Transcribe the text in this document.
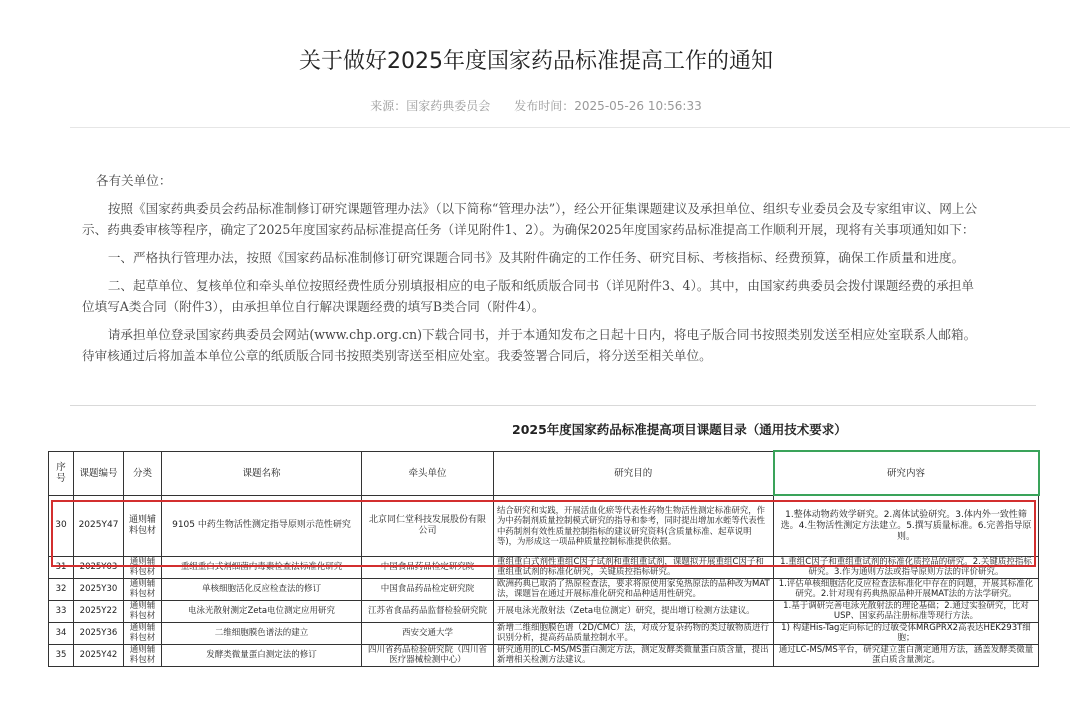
关于做好2025年度国家药品标准提高工作的通知
来源：国家药典委员会 发布时间：2025-05-26 10:56:33

各有关单位：

按照《国家药典委员会药品标准制修订研究课题管理办法》（以下简称“管理办法”），经公开征集课题建议及承担单位、组织专业委员会及专家组审议、网上公示、药典委审核等程序，确定了2025年度国家药品标准提高任务（详见附件1、2）。为确保2025年度国家药品标准提高工作顺利开展，现将有关事项通知如下：

一、严格执行管理办法，按照《国家药品标准制修订研究课题合同书》及其附件确定的工作任务、研究目标、考核指标、经费预算，确保工作质量和进度。

二、起草单位、复核单位和牵头单位按照经费性质分别填报相应的电子版和纸质版合同书（详见附件3、4）。其中，由国家药典委员会拨付课题经费的承担单位填写A类合同（附件3），由承担单位自行解决课题经费的填写B类合同（附件4）。

请承担单位登录国家药典委员会网站(www.chp.org.cn)下载合同书，并于本通知发布之日起十日内，将电子版合同书按照类别发送至相应处室联系人邮箱。待审核通过后将加盖本单位公章的纸质版合同书按照类别寄送至相应处室。我委签署合同后，将分送至相关单位。

2025年度国家药品标准提高项目课题目录（通用技术要求）
序号	课题编号	分类	课题名称	牵头单位	研究目的	研究内容
30	2025Y47	通则辅料包材	9105 中药生物活性测定指导原则示范性研究	北京同仁堂科技发展股份有限公司	结合研究和实践，开展活血化瘀等代表性药物生物活性测定标准研究，作为中药制剂质量控制模式研究的指导和参考，同时提出增加水蛭等代表性中药制剂有效性质量控制指标的建议研究资料(含质量标准、起草说明等)，为形成这一项品种质量控制标准提供依据。	1.整体动物药效学研究。2.离体试验研究。3.体内外一致性筛选。4.生物活性测定方法建立。5.撰写质量标准。6.完善指导原则。
31	2025Y03	通则辅料包材	重组重白式剂细菌内毒素检查法标准化研究	中国食品药品检定研究院	重组重白式剂性重组C因子试剂和重组重试剂，课题拟开展重组C因子和重组重试剂的标准化研究，关键质控指标研究。	1.重组C因子和重组重试剂的标准化质控品的研究。2.关键质控指标研究。3.作为通则方法或指导原则方法的评价研究。
32	2025Y30	通则辅料包材	单核细胞活化反应检查法的修订	中国食品药品检定研究院	欧洲药典已取消了热原检查法，要求将原使用家兔热原法的品种改为MAT法，课题旨在通过开展标准化研究和品种适用性研究。	1.评估单核细胞活化反应检查法标准化中存在的问题，开展其标准化研究。2.针对现有药典热原品种开展MAT法的方法学研究。
33	2025Y22	通则辅料包材	电泳光散射测定Zeta电位测定应用研究	江苏省食品药品监督检验研究院	开展电泳光散射法（Zeta电位测定）研究，提出增订检测方法建议。	1.基于调研完善电泳光散射法的理论基础；2.通过实验研究，比对USP、国家药品注册标准等现行方法。
34	2025Y36	通则辅料包材	二维细胞膜色谱法的建立	西安交通大学	新增二维细胞膜色谱（2D/CMC）法，对成分复杂药物的类过敏物质进行识别分析，提高药品质量控制水平。	1) 构建His-Tag定向标记的过敏受体MRGPRX2高表达HEK293T细胞；
35	2025Y42	通则辅料包材	发酵类微量蛋白测定法的修订	四川省药品检验研究院（四川省医疗器械检测中心）	研究通用的LC-MS/MS蛋白测定方法，测定发酵类微量蛋白质含量，提出新增相关检测方法建议。	通过LC-MS/MS平台，研究建立蛋白测定通用方法，涵盖发酵类微量蛋白质含量测定。
